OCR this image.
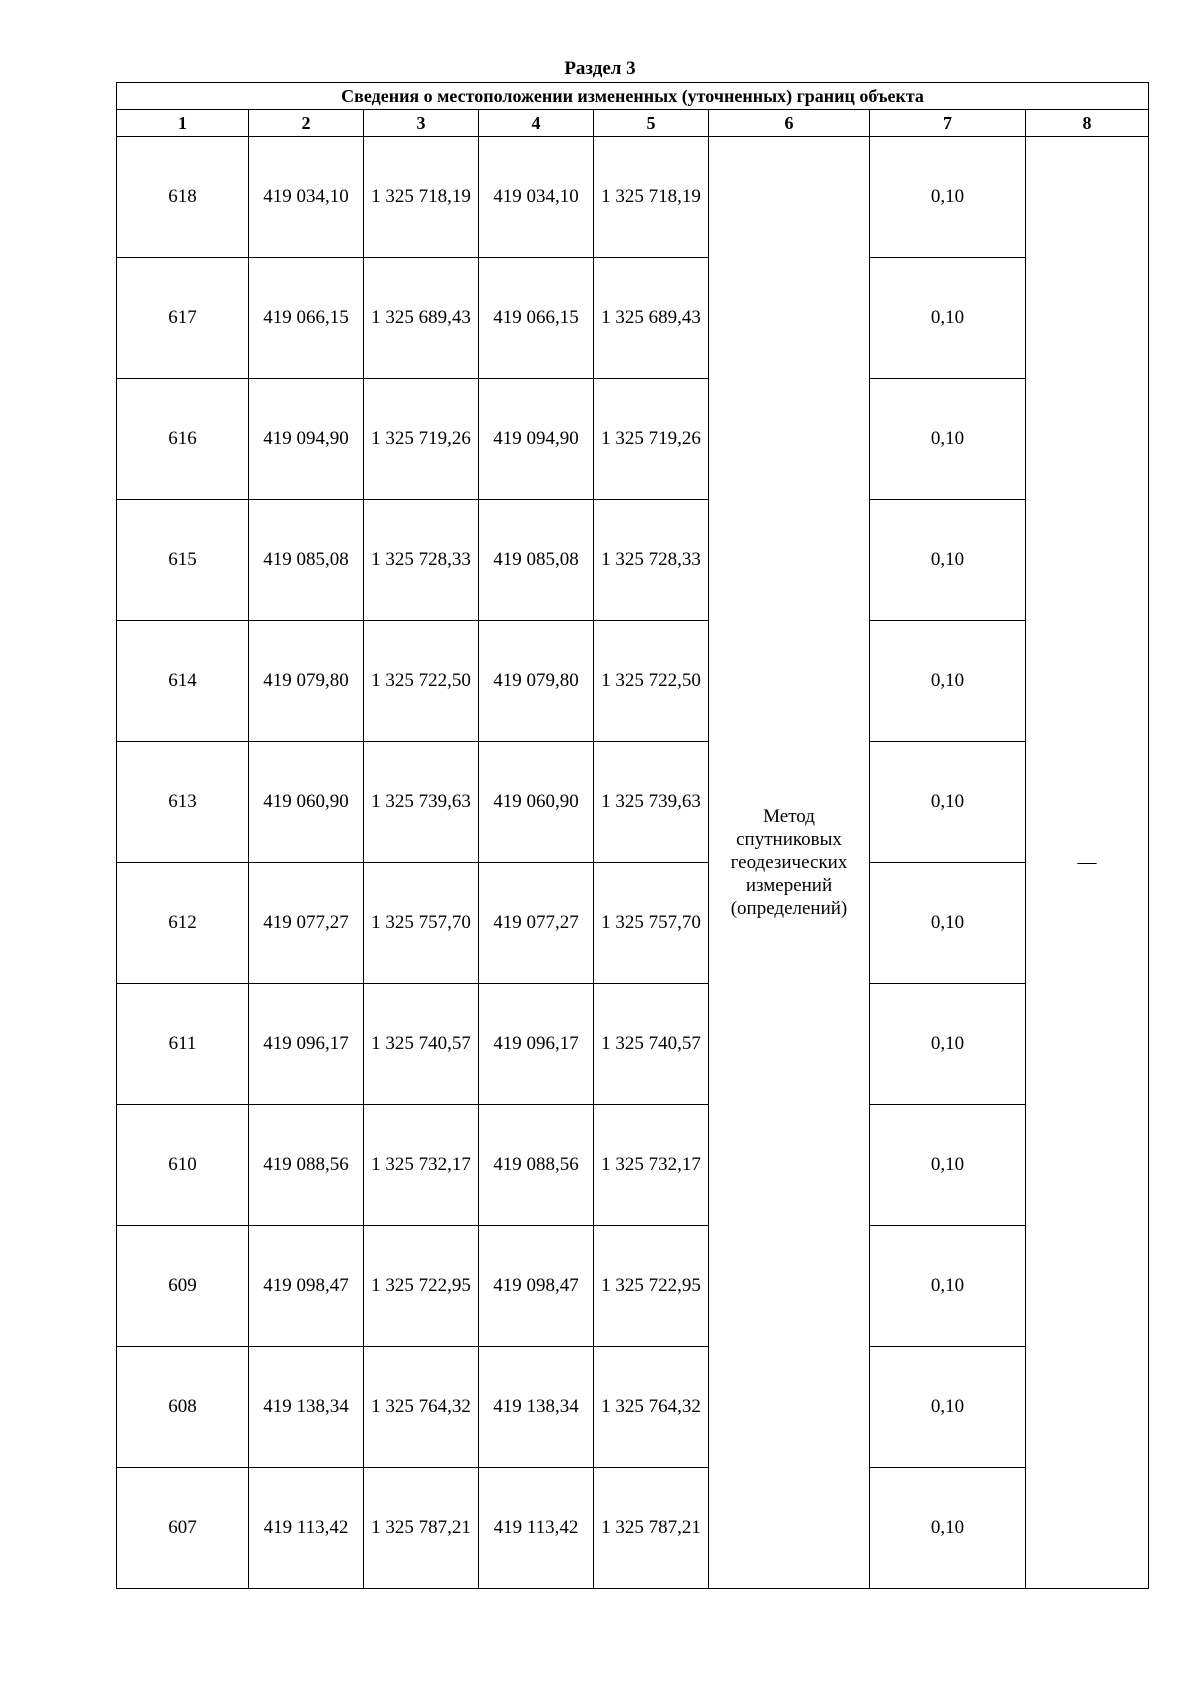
Раздел 3
Сведения о местоположении измененных (уточненных) границ объекта							
1	2	3	4	5	6	7	8
618	419 034,10	1 325 718,19	419 034,10	1 325 718,19	Метод
спутниковых
геодезических
измерений
(определений)	0,10	—
617	419 066,15	1 325 689,43	419 066,15	1 325 689,43		0,10	
616	419 094,90	1 325 719,26	419 094,90	1 325 719,26		0,10	
615	419 085,08	1 325 728,33	419 085,08	1 325 728,33		0,10	
614	419 079,80	1 325 722,50	419 079,80	1 325 722,50		0,10	
613	419 060,90	1 325 739,63	419 060,90	1 325 739,63		0,10	
612	419 077,27	1 325 757,70	419 077,27	1 325 757,70		0,10	
611	419 096,17	1 325 740,57	419 096,17	1 325 740,57		0,10	
610	419 088,56	1 325 732,17	419 088,56	1 325 732,17		0,10	
609	419 098,47	1 325 722,95	419 098,47	1 325 722,95		0,10	
608	419 138,34	1 325 764,32	419 138,34	1 325 764,32		0,10	
607	419 113,42	1 325 787,21	419 113,42	1 325 787,21		0,10	
